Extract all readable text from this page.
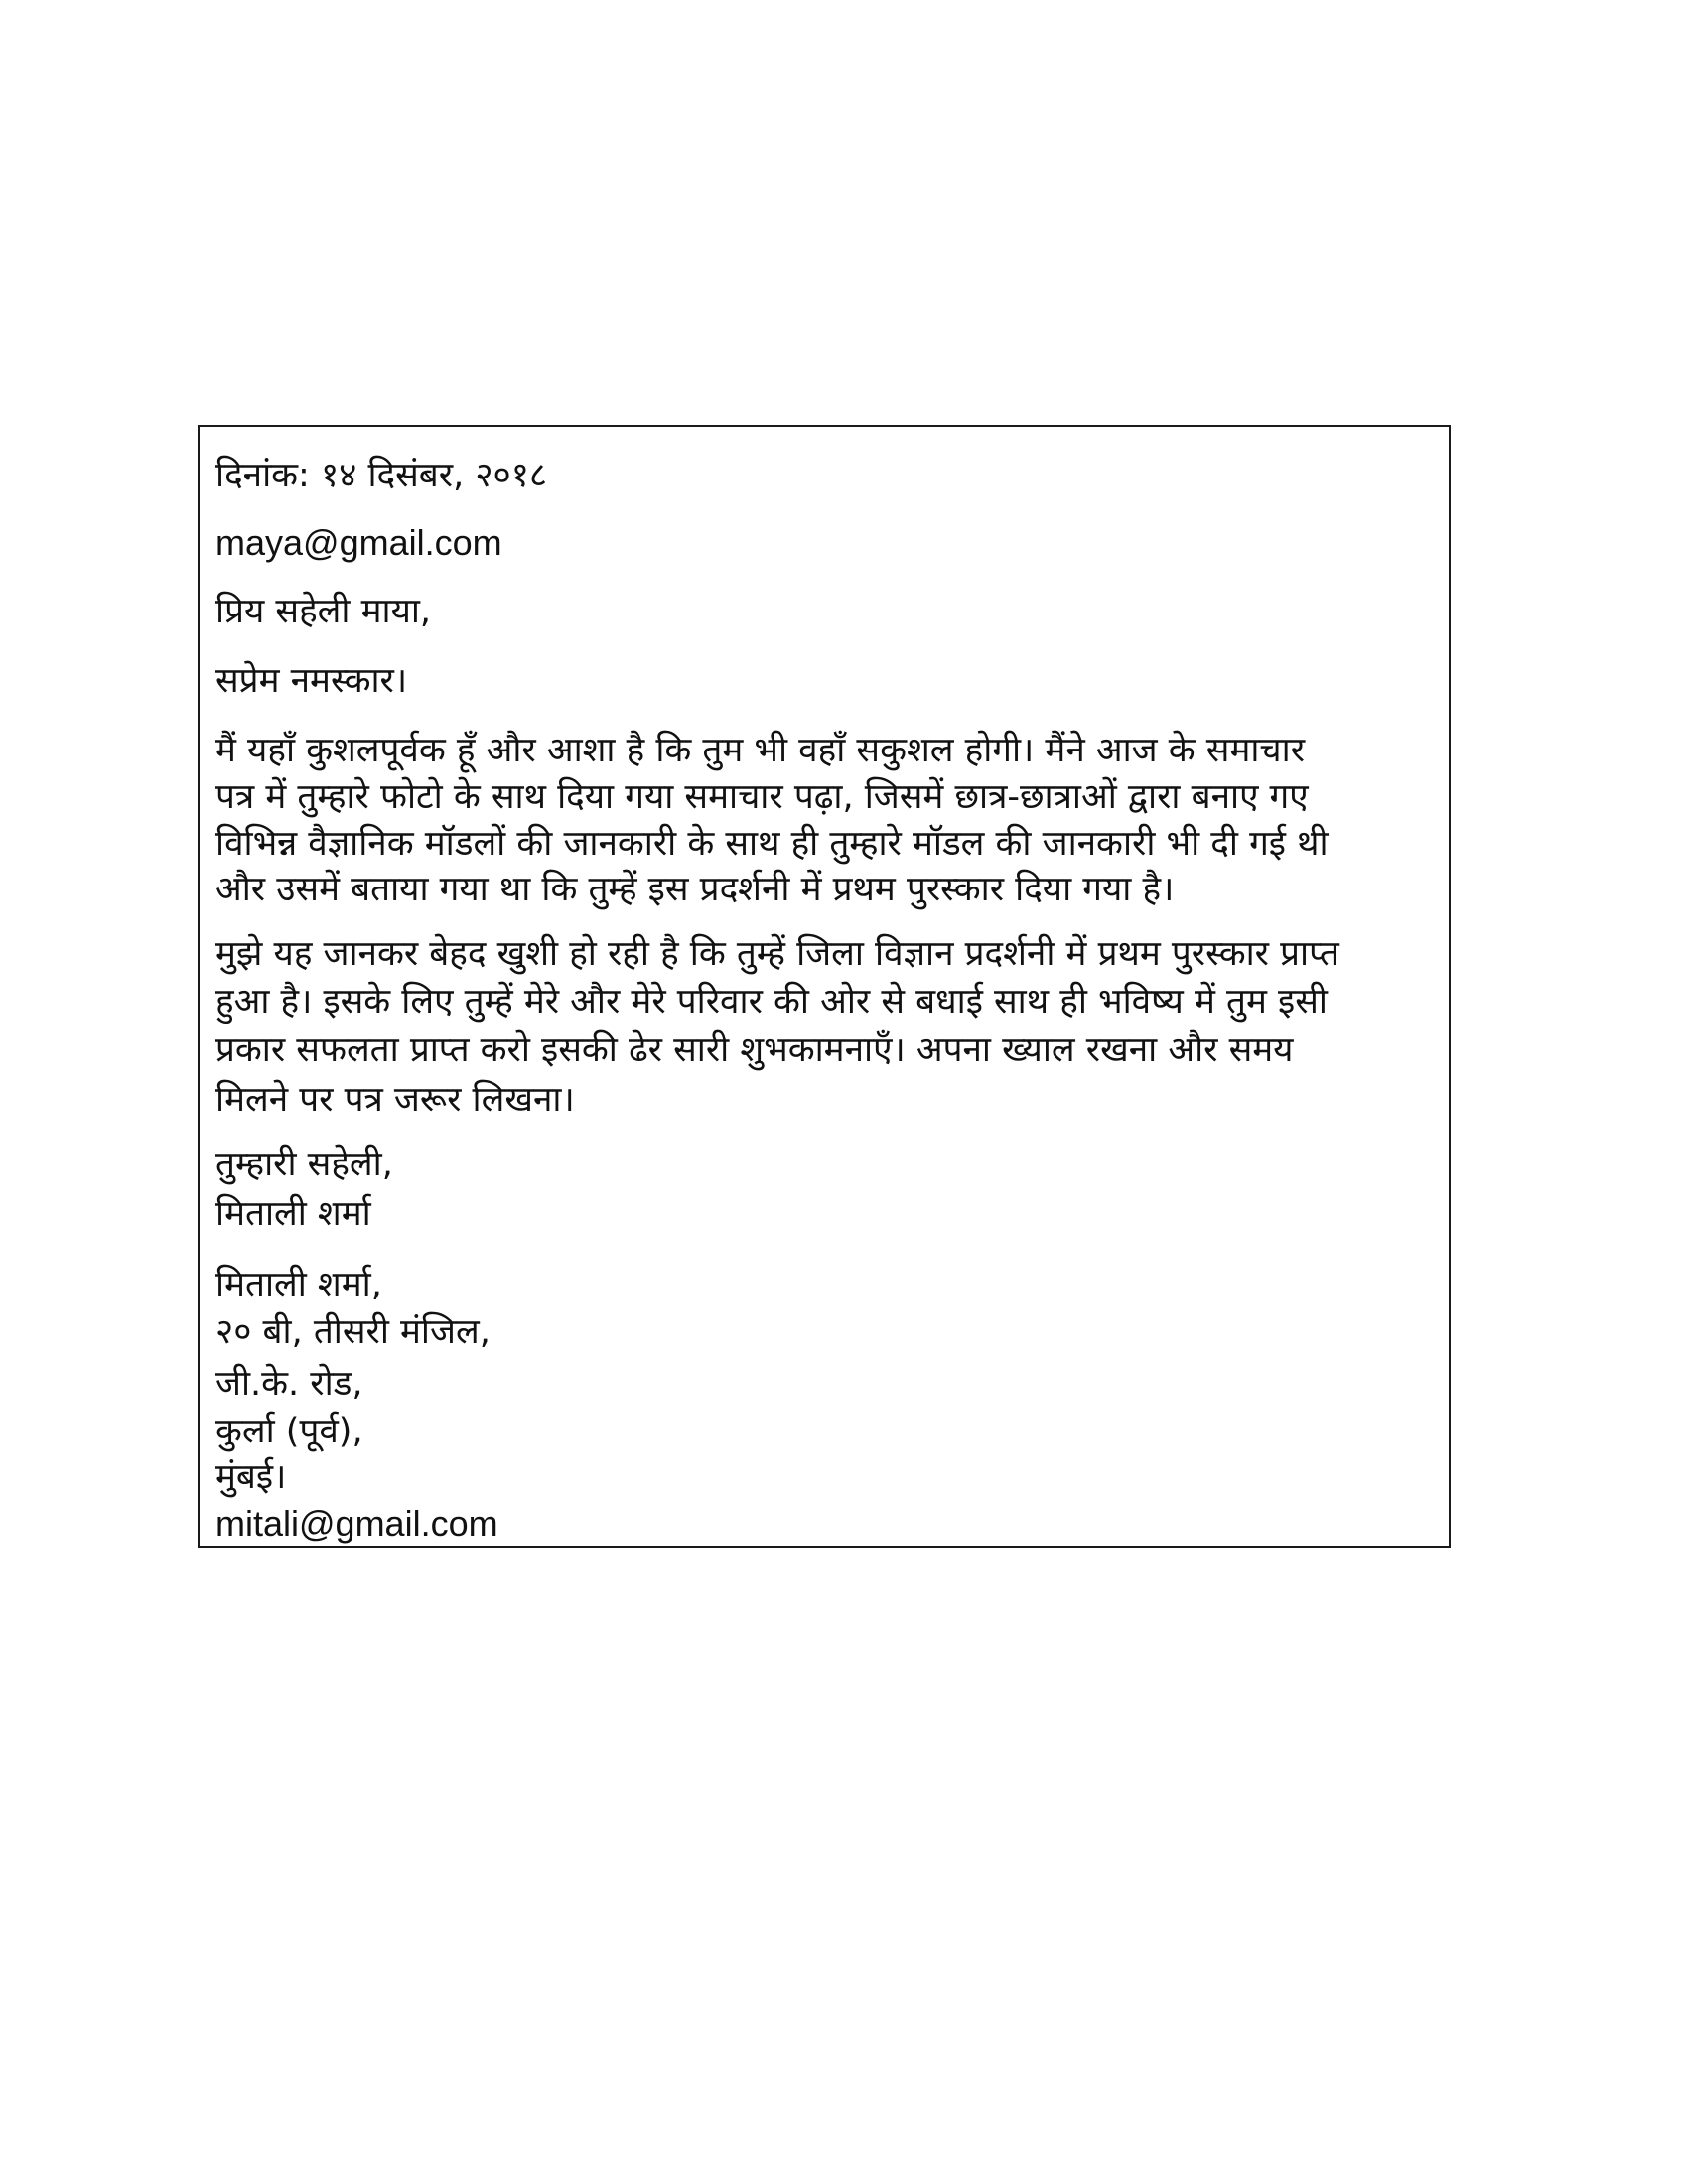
दिनांक: १४ दिसंबर, २०१८
maya@gmail.com
प्रिय सहेली माया,
सप्रेम नमस्कार।
मैं यहाँ कुशलपूर्वक हूँ और आशा है कि तुम भी वहाँ सकुशल होगी। मैंने आज के समाचार
पत्र में तुम्हारे फोटो के साथ दिया गया समाचार पढ़ा, जिसमें छात्र-छात्राओं द्वारा बनाए गए
विभिन्न वैज्ञानिक मॉडलों की जानकारी के साथ ही तुम्हारे मॉडल की जानकारी भी दी गई थी
और उसमें बताया गया था कि तुम्हें इस प्रदर्शनी में प्रथम पुरस्कार दिया गया है।
मुझे यह जानकर बेहद खुशी हो रही है कि तुम्हें जिला विज्ञान प्रदर्शनी में प्रथम पुरस्कार प्राप्त
हुआ है। इसके लिए तुम्हें मेरे और मेरे परिवार की ओर से बधाई साथ ही भविष्य में तुम इसी
प्रकार सफलता प्राप्त करो इसकी ढेर सारी शुभकामनाएँ। अपना ख्याल रखना और समय
मिलने पर पत्र जरूर लिखना।
तुम्हारी सहेली,
मिताली शर्मा
मिताली शर्मा,
२० बी, तीसरी मंजिल,
जी.के. रोड,
कुर्ला (पूर्व),
मुंबई।
mitali@gmail.com
